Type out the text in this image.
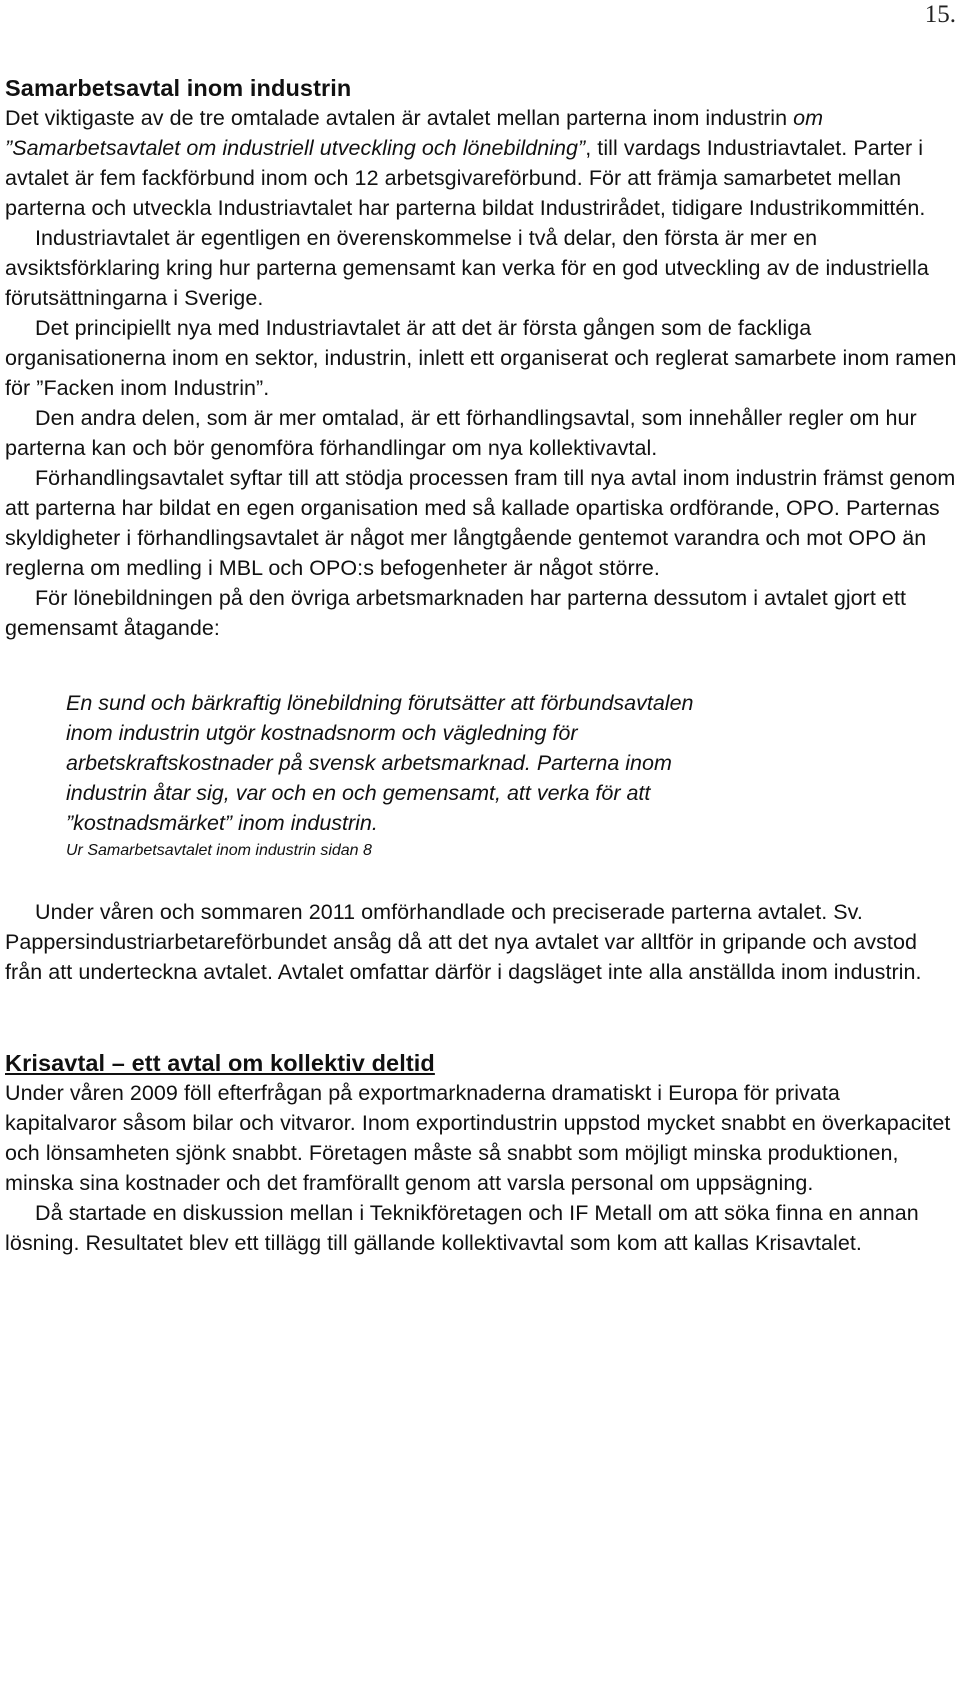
15.
Samarbetsavtal inom industrin

Det viktigaste av de tre omtalade avtalen är avtalet mellan parterna inom industrin om ”Samarbetsavtalet om industriell utveckling och lönebildning”, till vardags Industriavtalet. Parter i avtalet är fem fackförbund inom och 12 arbetsgivareförbund. För att främja samarbetet mellan parterna och utveckla Industriavtalet har parterna bildat Industrirådet, tidigare Industrikommittén.

Industriavtalet är egentligen en överenskommelse i två delar, den första är mer en avsiktsförklaring kring hur parterna gemensamt kan verka för en god utveckling av de industriella förutsättningarna i Sverige.

Det principiellt nya med Industriavtalet är att det är första gången som de fackliga organisationerna inom en sektor, industrin, inlett ett organiserat och reglerat samarbete inom ramen för ”Facken inom Industrin”.

Den andra delen, som är mer omtalad, är ett förhandlingsavtal, som innehåller regler om hur parterna kan och bör genomföra förhandlingar om nya kollektivavtal.

Förhandlingsavtalet syftar till att stödja processen fram till nya avtal inom industrin främst genom att parterna har bildat en egen organisation med så kallade opartiska ordförande, OPO. Parternas skyldigheter i förhandlingsavtalet är något mer långtgående gentemot varandra och mot OPO än reglerna om medling i MBL och OPO:s befogenheter är något större.

För lönebildningen på den övriga arbetsmarknaden har parterna dessutom i avtalet gjort ett gemensamt åtagande:

En sund och bärkraftig lönebildning förutsätter att förbundsavtalen inom industrin utgör kostnadsnorm och vägledning för arbetskraftskostnader på svensk arbetsmarknad. Parterna inom industrin åtar sig, var och en och gemensamt, att verka för att ”kostnadsmärket” inom industrin.
Ur Samarbetsavtalet inom industrin sidan 8

Under våren och sommaren 2011 omförhandlade och preciserade parterna avtalet. Sv. Pappersindustriarbetareförbundet ansåg då att det nya avtalet var alltför in gripande och avstod från att underteckna avtalet. Avtalet omfattar därför i dagsläget inte alla anställda inom industrin.

Krisavtal – ett avtal om kollektiv deltid

Under våren 2009 föll efterfrågan på exportmarknaderna dramatiskt i Europa för privata kapitalvaror såsom bilar och vitvaror. Inom exportindustrin uppstod mycket snabbt en överkapacitet och lönsamheten sjönk snabbt. Företagen måste så snabbt som möjligt minska produktionen, minska sina kostnader och det framförallt genom att varsla personal om uppsägning.

Då startade en diskussion mellan i Teknikföretagen och IF Metall om att söka finna en annan lösning. Resultatet blev ett tillägg till gällande kollektivavtal som kom att kallas Krisavtalet.
